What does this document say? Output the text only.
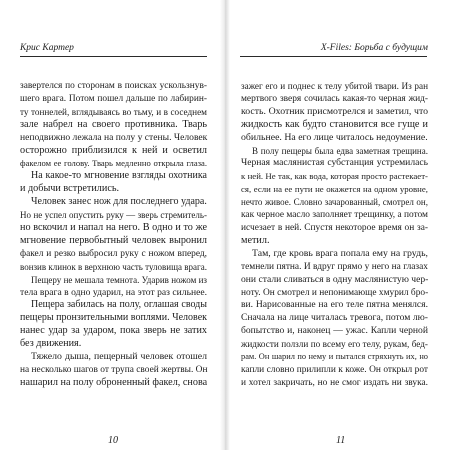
Крис Картер
завертелся по сторонам в поисках ускользнув-
шего врага. Потом пошел дальше по лабирин-
ту тоннелей, вглядываясь во тьму, и в соседнем
зале набрел на своего противника. Тварь
неподвижно лежала на полу у стены. Человек
осторожно приблизился к ней и осветил
факелом ее голову. Тварь медленно открыла глаза.
На какое-то мгновение взгляды охотника
и добычи встретились.
Человек занес нож для последнего удара.
Но не успел опустить руку — зверь стремитель-
но вскочил и напал на него. В одно и то же
мгновение первобытный человек выронил
факел и резко выбросил руку с ножом вперед,
вонзив клинок в верхнюю часть туловища врага.
Пещеру не мешала темнота. Ударив ножом из
тела врага в одно ударил, на этот раз сильнее.
Пещера забилась на полу, оглашая своды
пещеры пронзительными воплями. Человек
нанес удар за ударом, пока зверь не затих
без движения.
Тяжело дыша, пещерный человек отошел
на несколько шагов от трупа своей жертвы. Он
нашарил на полу оброненный факел, снова
10
X-Files: Борьба с будущим
зажег его и поднес к телу убитой твари. Из ран
мертвого зверя сочилась какая-то черная жид-
кость. Охотник присмотрелся и заметил, что
жидкость как будто становится все гуще и
обильнее. На его лице читалось недоумение.
В полу пещеры была едва заметная трещина.
Черная маслянистая субстанция устремилась
к ней. Не так, как вода, которая просто растекает-
ся, если на ее пути не окажется на одном уровне,
нечто живое. Словно зачарованный, смотрел он,
как черное масло заполняет трещинку, а потом
исчезает в ней. Спустя некоторое время он за-
метил.
Там, где кровь врага попала ему на грудь,
темнели пятна. И вдруг прямо у него на глазах
они стали сливаться в одну маслянистую чер-
ноту. Он смотрел и непонимающе хмурил бро-
ви. Нарисованные на его теле пятна менялся.
Сначала на лице читалась тревога, потом лю-
бопытство и, наконец — ужас. Капли черной
жидкости ползли по всему его телу, рукам, бед-
рам. Он шарил по нему и пытался стряхнуть их, но
капли словно прилипли к коже. Он открыл рот
и хотел закричать, но не смог издать ни звука.
11
